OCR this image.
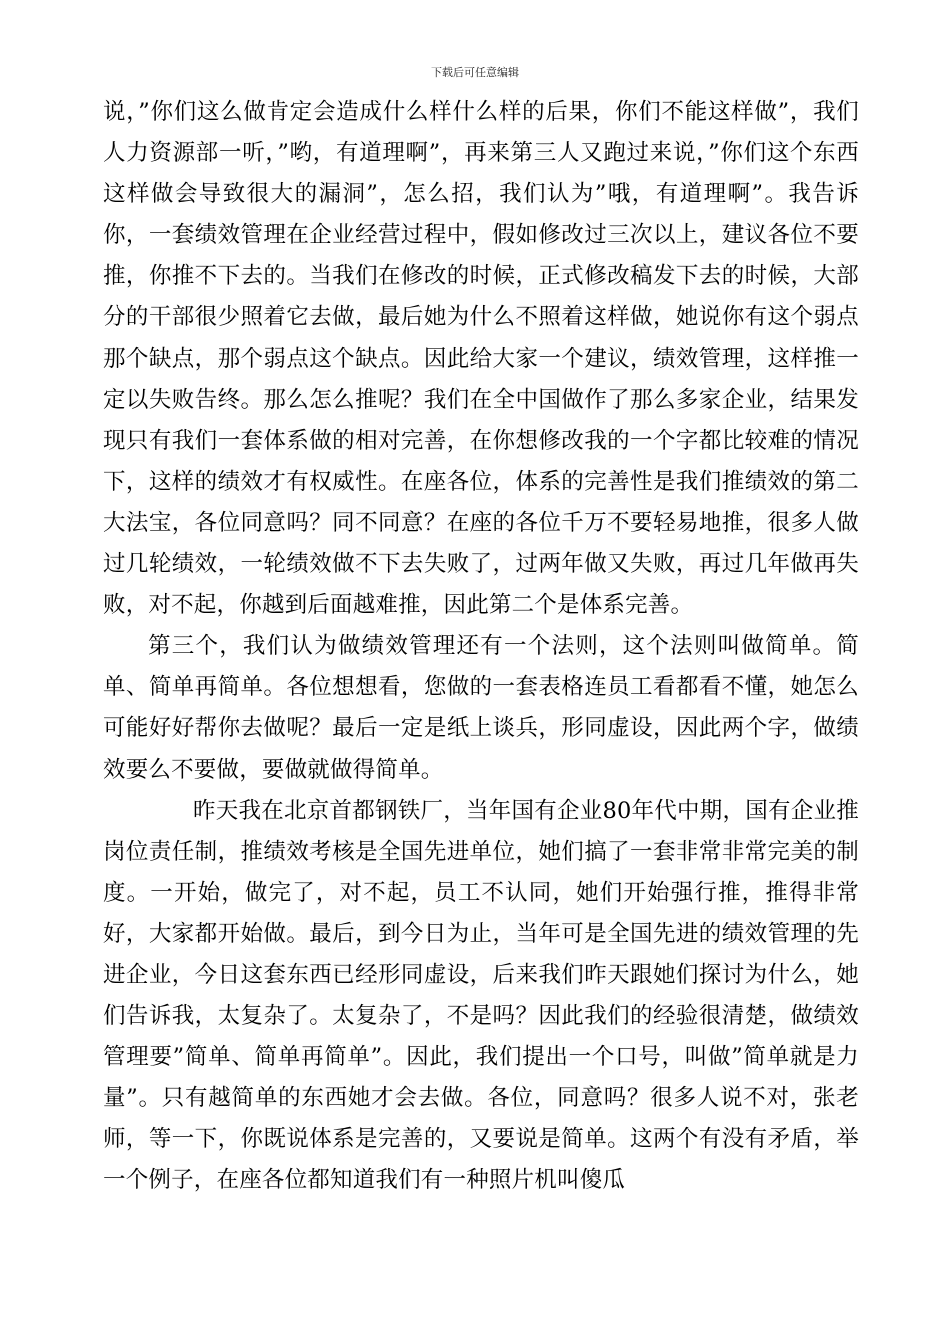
下载后可任意编辑

说，”你们这么做肯定会造成什么样什么样的后果，你们不能这样做”，我们人力资源部一听，”哟，有道理啊”，再来第三人又跑过来说，”你们这个东西这样做会导致很大的漏洞”，怎么招，我们认为”哦，有道理啊”。我告诉你，一套绩效管理在企业经营过程中，假如修改过三次以上，建议各位不要推，你推不下去的。当我们在修改的时候，正式修改稿发下去的时候，大部分的干部很少照着它去做，最后她为什么不照着这样做，她说你有这个弱点那个缺点，那个弱点这个缺点。因此给大家一个建议，绩效管理，这样推一定以失败告终。那么怎么推呢？我们在全中国做作了那么多家企业，结果发现只有我们一套体系做的相对完善，在你想修改我的一个字都比较难的情况下，这样的绩效才有权威性。在座各位，体系的完善性是我们推绩效的第二大法宝，各位同意吗？同不同意？在座的各位千万不要轻易地推，很多人做过几轮绩效，一轮绩效做不下去失败了，过两年做又失败，再过几年做再失败，对不起，你越到后面越难推，因此第二个是体系完善。

第三个，我们认为做绩效管理还有一个法则，这个法则叫做简单。简单、简单再简单。各位想想看，您做的一套表格连员工看都看不懂，她怎么可能好好帮你去做呢？最后一定是纸上谈兵，形同虚设，因此两个字，做绩效要么不要做，要做就做得简单。

昨天我在北京首都钢铁厂，当年国有企业80年代中期，国有企业推岗位责任制，推绩效考核是全国先进单位，她们搞了一套非常非常完美的制度。一开始，做完了，对不起，员工不认同，她们开始强行推，推得非常好，大家都开始做。最后，到今日为止，当年可是全国先进的绩效管理的先进企业，今日这套东西已经形同虚设，后来我们昨天跟她们探讨为什么，她们告诉我，太复杂了。太复杂了，不是吗？因此我们的经验很清楚，做绩效管理要”简单、简单再简单”。因此，我们提出一个口号，叫做”简单就是力量”。只有越简单的东西她才会去做。各位，同意吗？很多人说不对，张老师，等一下，你既说体系是完善的，又要说是简单。这两个有没有矛盾，举一个例子，在座各位都知道我们有一种照片机叫傻瓜
